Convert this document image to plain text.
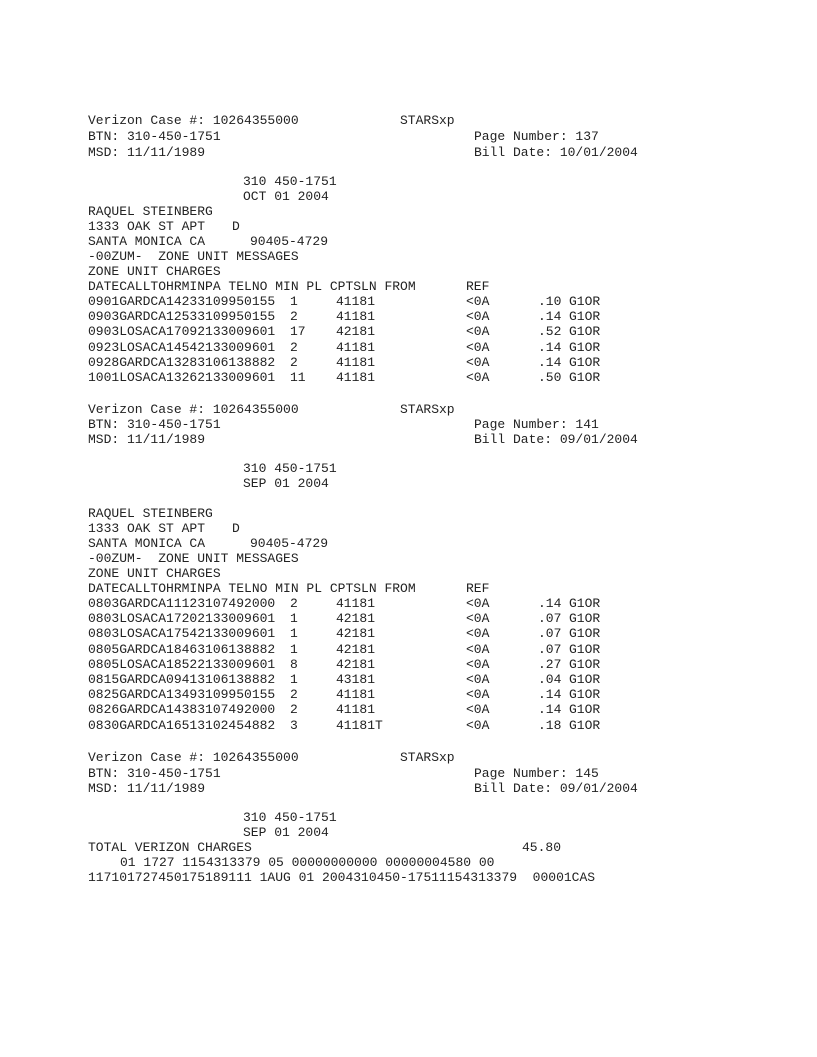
Verizon Case #: 10264355000	STARSxp
BTN: 310-450-1751	Page Number: 137
MSD: 11/11/1989	Bill Date: 10/01/2004
310 450-1751
OCT 01 2004
RAQUEL STEINBERG
1333 OAK ST APT D
SANTA MONICA CA	90405-4729
-00ZUM-  ZONE UNIT MESSAGES
ZONE UNIT CHARGES
DATECALLTOHRMINPA TELNO MIN PL CPTSLN FROM	REF
0901GARDCA14233109950155 1	41181	<0A	.10 G1OR
0903GARDCA12533109950155 2	41181	<0A	.14 G1OR
0903LOSACA17092133009601 17 42181	<0A	.52 G1OR
0923LOSACA14542133009601 2	41181	<0A	.14 G1OR
0928GARDCA13283106138882 2	41181	<0A	.14 G1OR
1001LOSACA13262133009601 11 41181	<0A	.50 G1OR
Verizon Case #: 10264355000	STARSxp
BTN: 310-450-1751	Page Number: 141
MSD: 11/11/1989	Bill Date: 09/01/2004
310 450-1751
SEP 01 2004
RAQUEL STEINBERG
1333 OAK ST APT D
SANTA MONICA CA	90405-4729
-00ZUM-  ZONE UNIT MESSAGES
ZONE UNIT CHARGES
DATECALLTOHRMINPA TELNO MIN PL CPTSLN FROM	REF
0803GARDCA11123107492000 2	41181	<0A	.14 G1OR
0803LOSACA17202133009601 1	42181	<0A	.07 G1OR
0803LOSACA17542133009601 1	42181	<0A	.07 G1OR
0805GARDCA18463106138882 1	42181	<0A	.07 G1OR
0805LOSACA18522133009601 8	42181	<0A	.27 G1OR
0815GARDCA09413106138882 1	43181	<0A	.04 G1OR
0825GARDCA13493109950155 2	41181	<0A	.14 G1OR
0826GARDCA14383107492000 2	41181	<0A	.14 G1OR
0830GARDCA16513102454882 3	41181T	<0A	.18 G1OR
Verizon Case #: 10264355000	STARSxp
BTN: 310-450-1751	Page Number: 145
MSD: 11/11/1989	Bill Date: 09/01/2004
310 450-1751
SEP 01 2004
TOTAL VERIZON CHARGES	45.80
01 1727 1154313379 05 00000000000 00000004580 00
117101727450175189111 1AUG 01 2004310450-17511154313379  00001CAS
